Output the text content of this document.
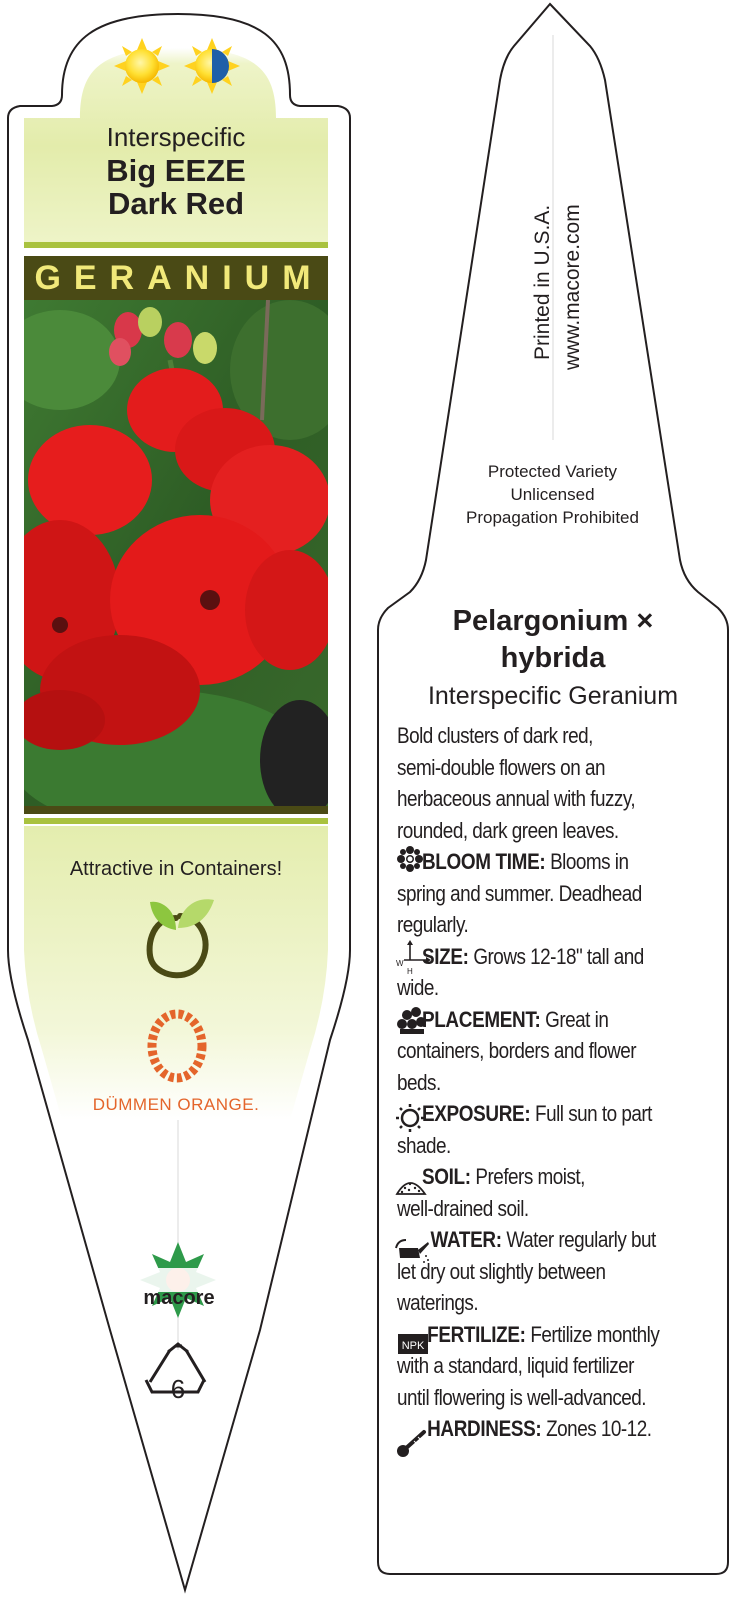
W
H
NPK
Interspecific
Big EEZE
Dark Red
GERANIUM
Attractive in Containers!
DÜMMEN ORANGE.
macore
6
Printed in U.S.A. www.macore.com
Protected Variety
Unlicensed
Propagation Prohibited
Pelargonium ×
hybrida
Interspecific Geranium
Bold clusters of dark red,
semi-double flowers on an
herbaceous annual with fuzzy,
rounded, dark green leaves.
BLOOM TIME: Blooms in
spring and summer. Deadhead
regularly.
SIZE: Grows 12-18" tall and
wide.
PLACEMENT: Great in
containers, borders and flower
beds.
EXPOSURE: Full sun to part
shade.
SOIL: Prefers moist,
well-drained soil.
WATER: Water regularly but
let dry out slightly between
waterings.
FERTILIZE: Fertilize monthly
with a standard, liquid fertilizer
until flowering is well-advanced.
HARDINESS: Zones 10-12.
